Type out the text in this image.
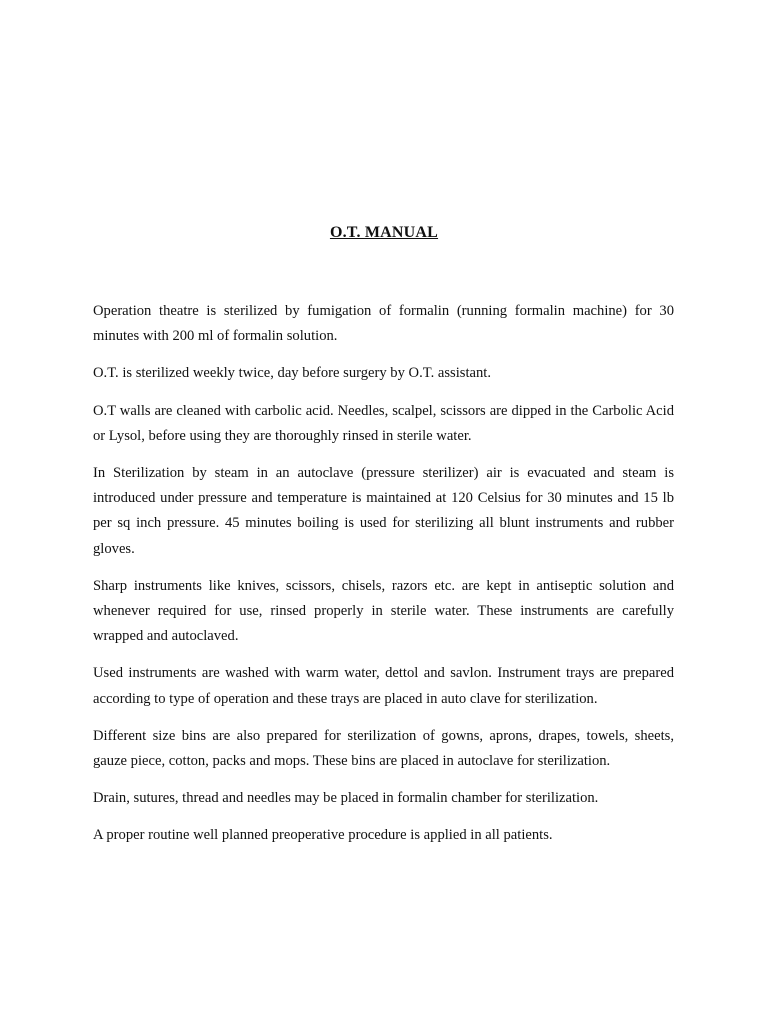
O.T. MANUAL

Operation theatre is sterilized by fumigation of formalin (running formalin machine) for 30 minutes with 200 ml of formalin solution.

O.T. is sterilized weekly twice, day before surgery by O.T. assistant.

O.T walls are cleaned with carbolic acid. Needles, scalpel, scissors are dipped in the Carbolic Acid or Lysol, before using they are thoroughly rinsed in sterile water.

In Sterilization by steam in an autoclave (pressure sterilizer) air is evacuated and steam is introduced under pressure and temperature is maintained at 120 Celsius for 30 minutes and 15 lb per sq inch pressure. 45 minutes boiling is used for sterilizing all blunt instruments and rubber gloves.

Sharp instruments like knives, scissors, chisels, razors etc. are kept in antiseptic solution and whenever required for use, rinsed properly in sterile water. These instruments are carefully wrapped and autoclaved.

Used instruments are washed with warm water, dettol and savlon. Instrument trays are prepared according to type of operation and these trays are placed in auto clave for sterilization.

Different size bins are also prepared for sterilization of gowns, aprons, drapes, towels, sheets, gauze piece, cotton, packs and mops. These bins are placed in autoclave for sterilization.

Drain, sutures, thread and needles may be placed in formalin chamber for sterilization.

A proper routine well planned preoperative procedure is applied in all patients.
